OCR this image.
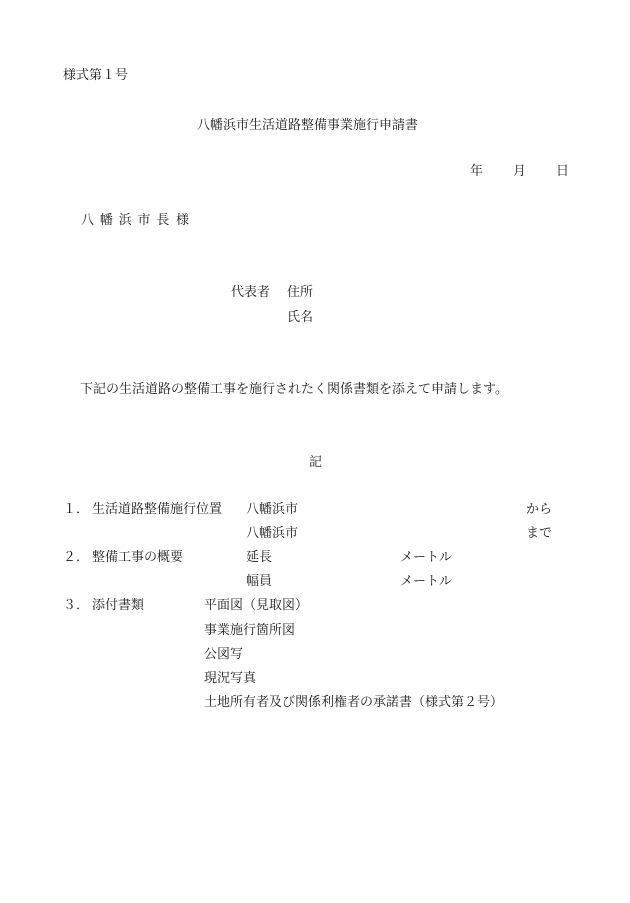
様式第１号
八幡浜市生活道路整備事業施行申請書
年 月 日
八幡浜市長 様
代表者 住所
氏名
下記の生活道路の整備工事を施行されたく関係書類を添えて申請します。
記
１． 生活道路整備施行位置 八幡浜市	から
八幡浜市	まで
２． 整備工事の概要	延長	メートル
幅員	メートル
３． 添付書類	平面図（見取図）
事業施行箇所図
公図写
現況写真
土地所有者及び関係利権者の承諾書（様式第２号）
